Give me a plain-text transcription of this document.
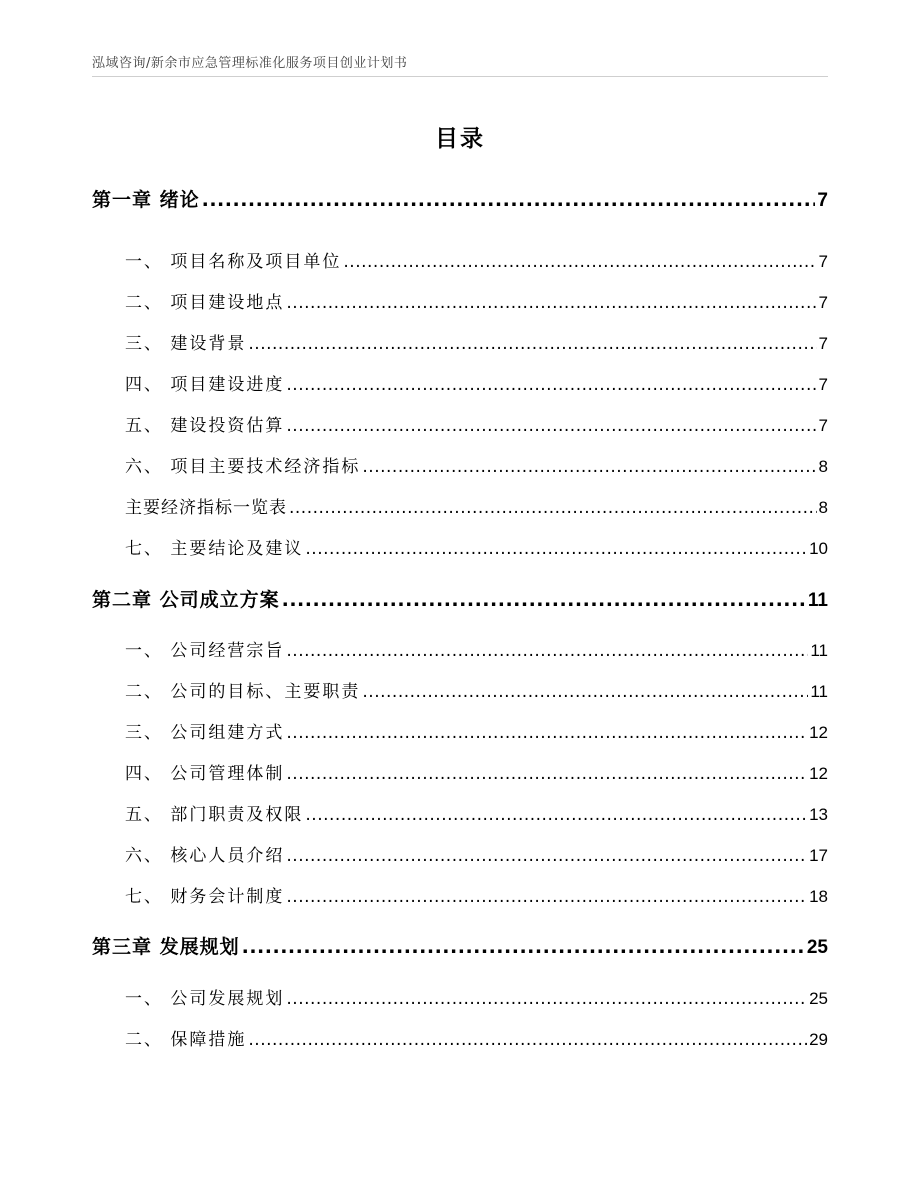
泓域咨询/新余市应急管理标准化服务项目创业计划书
目录
第一章 绪论 .....	7
一、 项目名称及项目单位 .....	7
二、 项目建设地点 .....	7
三、 建设背景 .....	7
四、 项目建设进度 .....	7
五、 建设投资估算 .....	7
六、 项目主要技术经济指标 .....	8
主要经济指标一览表 .....	8
七、 主要结论及建议 .....	10
第二章 公司成立方案 .....	11
一、 公司经营宗旨 .....	11
二、 公司的目标、主要职责 .....	11
三、 公司组建方式 .....	12
四、 公司管理体制 .....	12
五、 部门职责及权限 .....	13
六、 核心人员介绍 .....	17
七、 财务会计制度 .....	18
第三章 发展规划 .....	25
一、 公司发展规划 .....	25
二、 保障措施 .....	29
